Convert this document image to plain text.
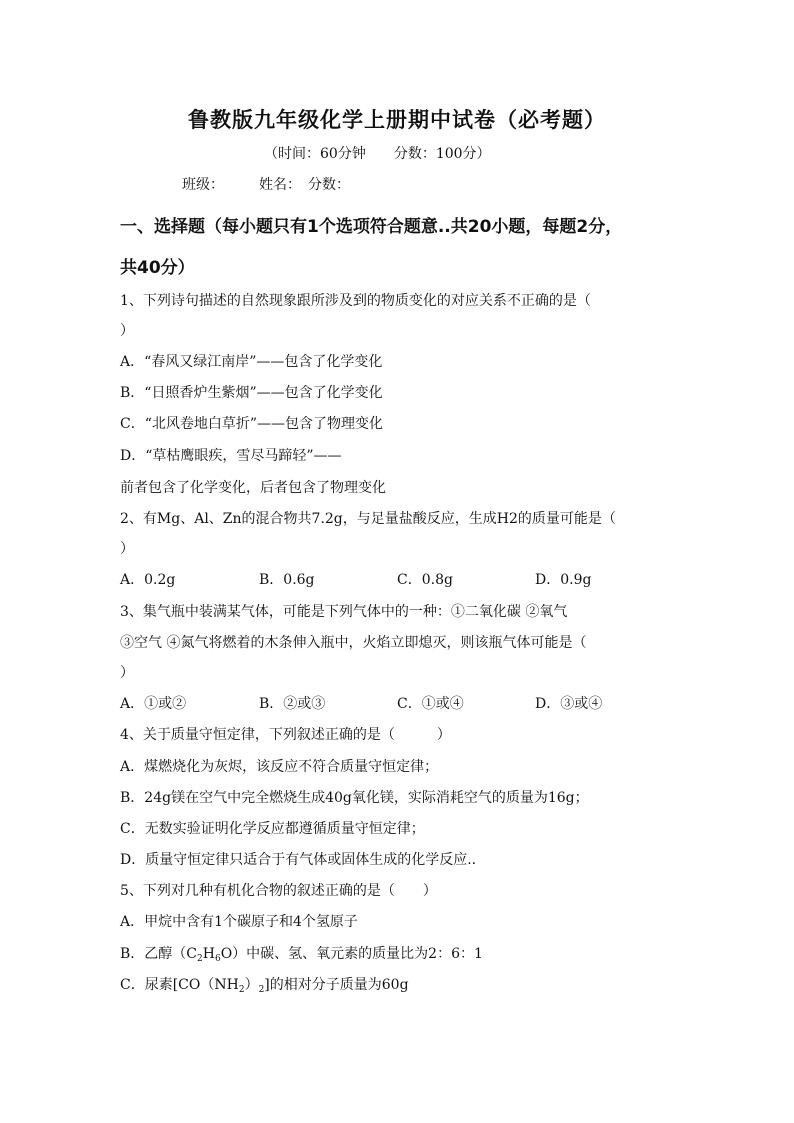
鲁教版九年级化学上册期中试卷（必考题）
（时间：60分钟　　分数：100分）
班级：　　　姓名：　分数：
一、选择题（每小题只有1个选项符合题意..共20小题，每题2分，
共40分）
1、下列诗句描述的自然现象跟所涉及到的物质变化的对应关系不正确的是（
）
A．“春风又绿江南岸”——包含了化学变化
B．“日照香炉生紫烟”——包含了化学变化
C．“北风卷地白草折”——包含了物理变化
D．“草枯鹰眼疾，雪尽马蹄轻”——
前者包含了化学变化，后者包含了物理变化
2、有Mg、Al、Zn的混合物共7.2g，与足量盐酸反应，生成H2的质量可能是（
）
A．0.2g	B．0.6g	C．0.8g	D．0.9g
3、集气瓶中装满某气体，可能是下列气体中的一种：①二氧化碳 ②氧气
③空气 ④氮气将燃着的木条伸入瓶中，火焰立即熄灭，则该瓶气体可能是（
）
A．①或②	B．②或③	C．①或④	D．③或④
4、关于质量守恒定律，下列叙述正确的是（　　　）
A．煤燃烧化为灰烬，该反应不符合质量守恒定律；
B．24g镁在空气中完全燃烧生成40g氧化镁，实际消耗空气的质量为16g；
C．无数实验证明化学反应都遵循质量守恒定律；
D．质量守恒定律只适合于有气体或固体生成的化学反应..
5、下列对几种有机化合物的叙述正确的是（　　）
A．甲烷中含有1个碳原子和4个氢原子
B．乙醇$(C_2H_6O)$中碳、氢、氧元素的质量比为2：6：1
C．尿素$[CO(NH_2)_2]$的相对分子质量为60g
